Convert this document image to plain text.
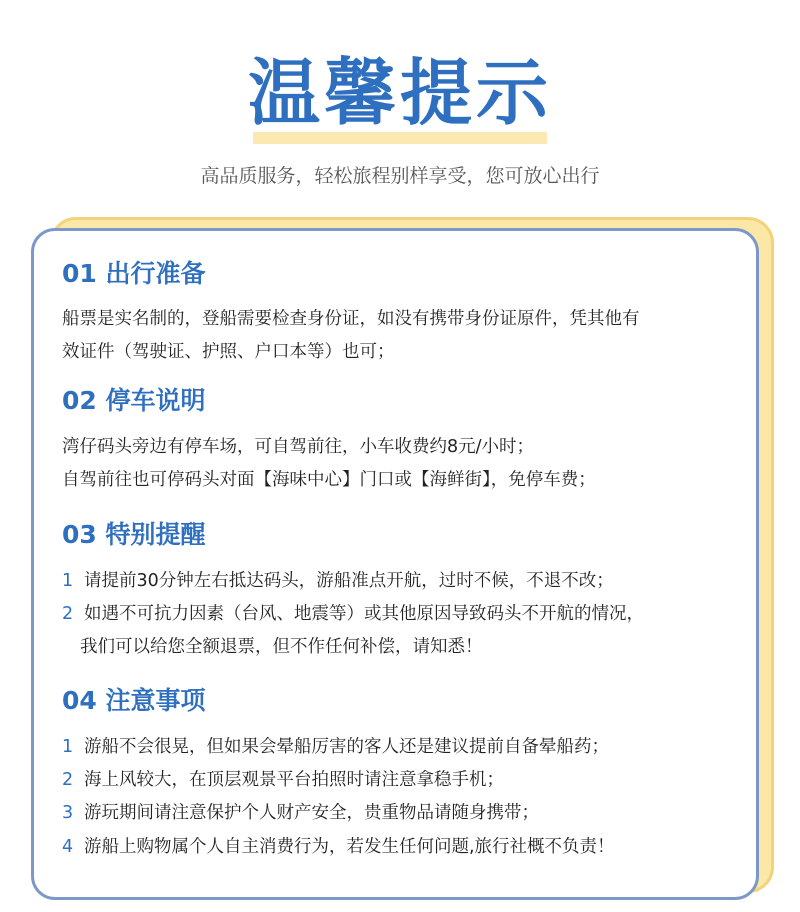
温馨提示
高品质服务，轻松旅程别样享受，您可放心出行
01 出行准备
船票是实名制的，登船需要检查身份证，如没有携带身份证原件，凭其他有
效证件（驾驶证、护照、户口本等）也可；
02 停车说明
湾仔码头旁边有停车场，可自驾前往，小车收费约8元/小时；
自驾前往也可停码头对面【海味中心】门口或【海鲜街】，免停车费；
03 特别提醒
1 请提前30分钟左右抵达码头，游船准点开航，过时不候，不退不改；
2 如遇不可抗力因素（台风、地震等）或其他原因导致码头不开航的情况，
我们可以给您全额退票，但不作任何补偿，请知悉！
04 注意事项
1 游船不会很晃，但如果会晕船厉害的客人还是建议提前自备晕船药；
2 海上风较大，在顶层观景平台拍照时请注意拿稳手机；
3 游玩期间请注意保护个人财产安全，贵重物品请随身携带；
4 游船上购物属个人自主消费行为，若发生任何问题,旅行社概不负责！
